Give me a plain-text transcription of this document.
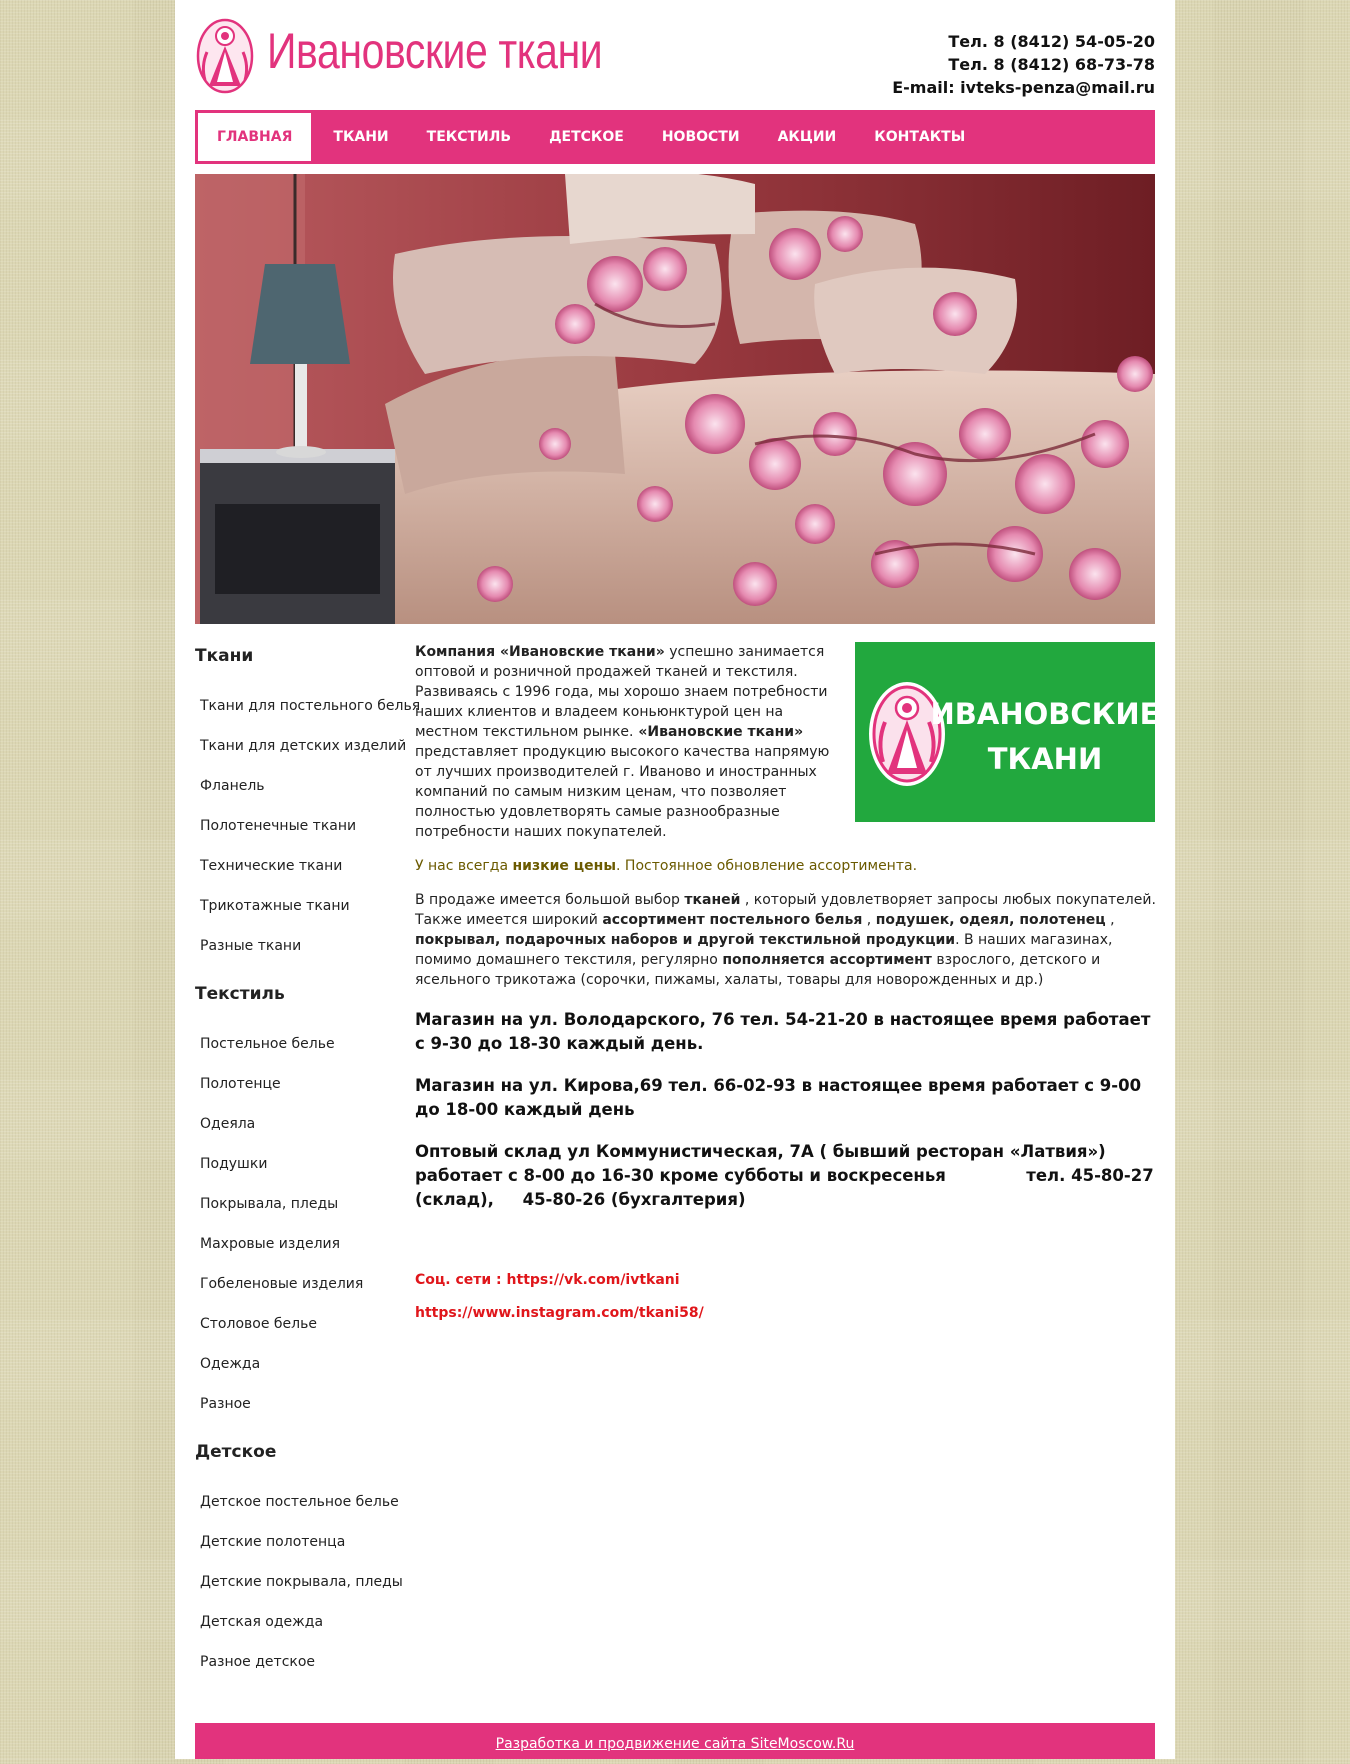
Ивановские ткани	Тел. 8 (8412) 54-05-20
Тел. 8 (8412) 68-73-78
E-mail: ivteks-penza@mail.ru
ГЛАВНАЯ	ТКАНИ	ТЕКСТИЛЬ	ДЕТСКОЕ	НОВОСТИ	АКЦИИ	КОНТАКТЫ
Ткани
Ткани для постельного белья
Ткани для детских изделий
Фланель
Полотенечные ткани
Технические ткани
Трикотажные ткани
Разные ткани
Текстиль
Постельное белье
Полотенце
Одеяла
Подушки
Покрывала, пледы
Махровые изделия
Гобеленовые изделия
Столовое белье
Одежда
Разное
Детское
Детское постельное белье
Детские полотенца
Детские покрывала, пледы
Детская одежда
Разное детское
ИВАНОВСКИЕ
ТКАНИ
Компания «Ивановские ткани» успешно занимается оптовой и розничной продажей тканей и текстиля. Развиваясь с 1996 года, мы хорошо знаем потребности наших клиентов и владеем коньюнктурой цен на местном текстильном рынке. «Ивановские ткани» представляет продукцию высокого качества напрямую от лучших производителей г. Иваново и иностранных компаний по самым низким ценам, что позволяет полностью удовлетворять самые разнообразные потребности наших покупателей.
У нас всегда низкие цены. Постоянное обновление ассортимента.
В продаже имеется большой выбор тканей , который удовлетворяет запросы любых покупателей. Также имеется широкий ассортимент постельного белья , подушек, одеял, полотенец , покрывал, подарочных наборов и другой текстильной продукции. В наших магазинах, помимо домашнего текстиля, регулярно пополняется ассортимент взрослого, детского и ясельного трикотажа (сорочки, пижамы, халаты, товары для новорожденных и др.)
Магазин на ул. Володарского, 76 тел. 54-21-20 в настоящее время работает с 9-30 до 18-30 каждый день.
Магазин на ул. Кирова,69 тел. 66-02-93 в настоящее время работает с 9-00 до 18-00 каждый день
Оптовый склад ул Коммунистическая, 7А ( бывший ресторан «Латвия») работает с 8-00 до 16-30 кроме субботы и воскресенья              тел. 45-80-27 (склад),     45-80-26 (бухгалтерия)
Соц. сети : https://vk.com/ivtkani
https://www.instagram.com/tkani58/
Разработка и продвижение сайта SiteMoscow.Ru
